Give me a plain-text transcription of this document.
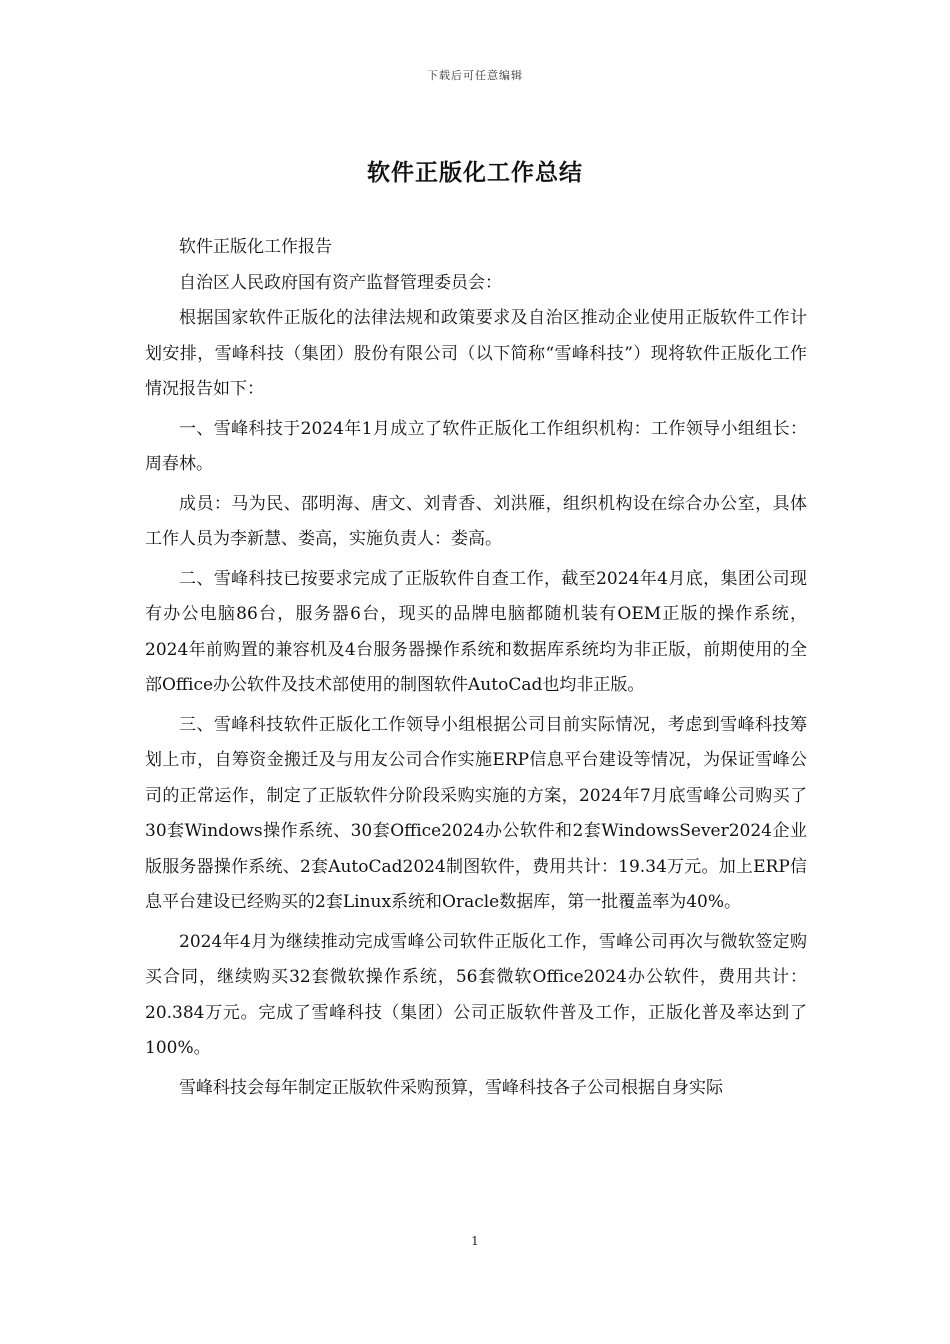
下载后可任意编辑
软件正版化工作总结

软件正版化工作报告

自治区人民政府国有资产监督管理委员会：

根据国家软件正版化的法律法规和政策要求及自治区推动企业使用正版软件工作计划安排，雪峰科技（集团）股份有限公司（以下简称“雪峰科技”）现将软件正版化工作情况报告如下：

一、雪峰科技于2024年1月成立了软件正版化工作组织机构：工作领导小组组长：周春林。

成员：马为民、邵明海、唐文、刘青香、刘洪雁，组织机构设在综合办公室，具体工作人员为李新慧、娄高，实施负责人：娄高。

二、雪峰科技已按要求完成了正版软件自查工作，截至2024年4月底，集团公司现有办公电脑86台，服务器6台，现买的品牌电脑都随机装有OEM正版的操作系统，2024年前购置的兼容机及4台服务器操作系统和数据库系统均为非正版，前期使用的全部Office办公软件及技术部使用的制图软件AutoCad也均非正版。

三、雪峰科技软件正版化工作领导小组根据公司目前实际情况，考虑到雪峰科技筹划上市，自筹资金搬迁及与用友公司合作实施ERP信息平台建设等情况，为保证雪峰公司的正常运作，制定了正版软件分阶段采购实施的方案，2024年7月底雪峰公司购买了30套Windows操作系统、30套Office2024办公软件和2套WindowsSever2024企业版服务器操作系统、2套AutoCad2024制图软件，费用共计：19.34万元。加上ERP信息平台建设已经购买的2套Linux系统和Oracle数据库，第一批覆盖率为40%。

2024年4月为继续推动完成雪峰公司软件正版化工作，雪峰公司再次与微软签定购买合同，继续购买32套微软操作系统，56套微软Office2024办公软件，费用共计：20.384万元。完成了雪峰科技（集团）公司正版软件普及工作，正版化普及率达到了100%。

雪峰科技会每年制定正版软件采购预算，雪峰科技各子公司根据自身实际

1
